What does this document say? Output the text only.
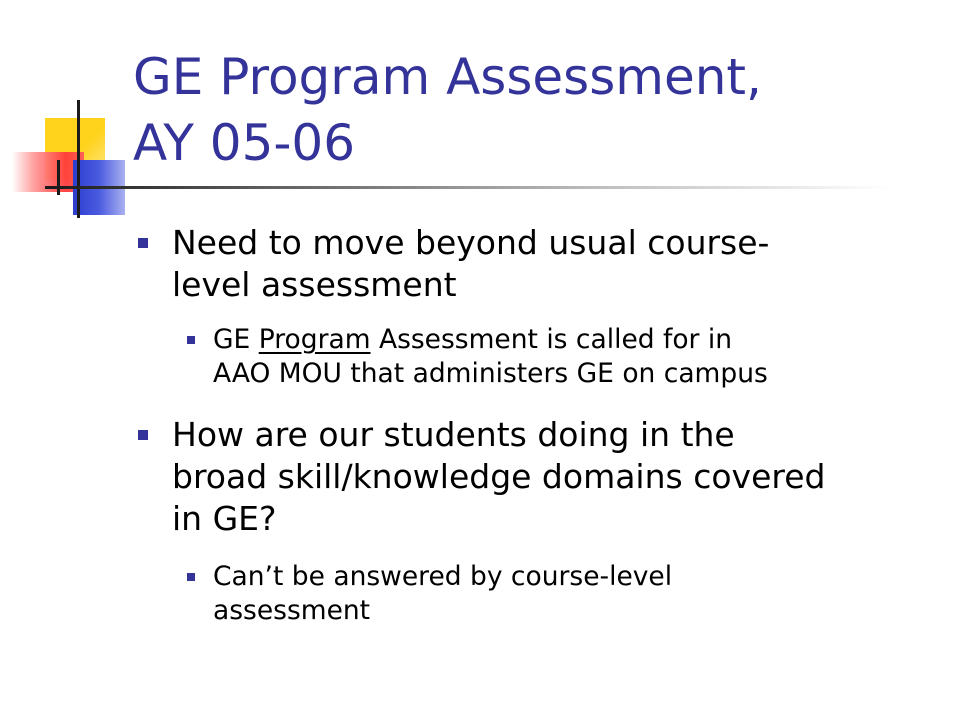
GE Program Assessment,
AY 05-06
Need to move beyond usual course-
level assessment
GE Program Assessment is called for in
AAO MOU that administers GE on campus
How are our students doing in the
broad skill/knowledge domains covered
in GE?
Can’t be answered by course-level
assessment
